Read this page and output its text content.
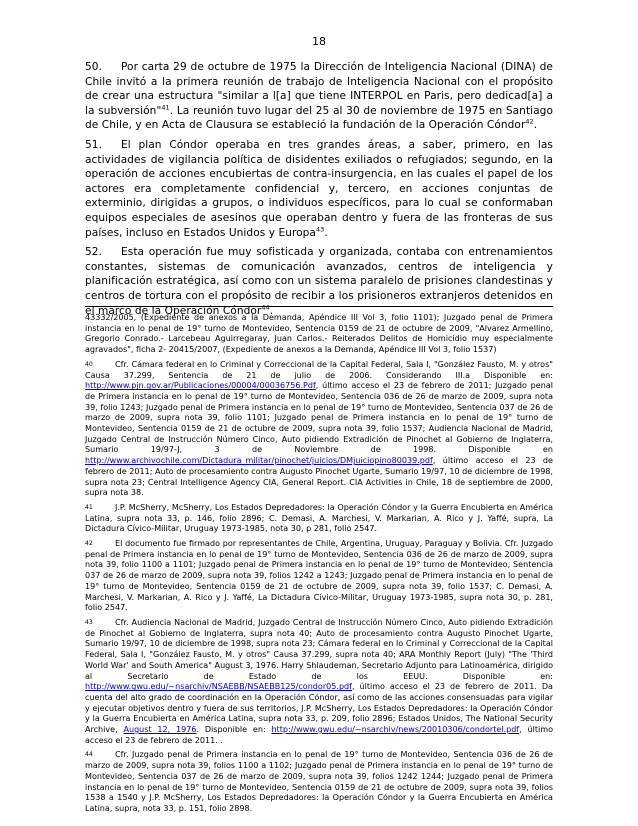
18

50. Por carta 29 de octubre de 1975 la Dirección de Inteligencia Nacional (DINA) de Chile invitó a la primera reunión de trabajo de Inteligencia Nacional con el propósito de crear una estructura "similar a l[a] que tiene INTERPOL en Paris, pero dedicad[a] a la subversión"$^{41}$. La reunión tuvo lugar del 25 al 30 de noviembre de 1975 en Santiago de Chile, y en Acta de Clausura se estableció la fundación de la Operación Cóndor$^{42}$.

51. El plan Cóndor operaba en tres grandes áreas, a saber, primero, en las actividades de vigilancia política de disidentes exiliados o refugiados; segundo, en la operación de acciones encubiertas de contra-insurgencia, en las cuales el papel de los actores era completamente confidencial y, tercero, en acciones conjuntas de exterminio, dirigidas a grupos, o individuos específicos, para lo cual se conformaban equipos especiales de asesinos que operaban dentro y fuera de las fronteras de sus países, incluso en Estados Unidos y Europa$^{43}$.

52. Esta operación fue muy sofisticada y organizada, contaba con entrenamientos constantes, sistemas de comunicación avanzados, centros de inteligencia y planificación estratégica, así como con un sistema paralelo de prisiones clandestinas y centros de tortura con el propósito de recibir a los prisioneros extranjeros detenidos en el marco de la Operación Cóndor$^{44}$.

43332/2005, (Expediente de anexos a la Demanda, Apéndice III Vol 3, folio 1101); Juzgado penal de Primera instancia en lo penal de 19° turno de Montevideo, Sentencia 0159 de 21 de octubre de 2009, "Alvarez Armellino, Gregorio Conrado.- Larcebeau Aguirregaray, Juan Carlos.- Reiterados Delitos de Homicidio muy especialmente agravados", ficha 2- 20415/2007, (Expediente de anexos a la Demanda, Apéndice III Vol 3, folio 1537)

40	Cfr. Cámara federal en lo Criminal y Correccional de la Capital Federal, Sala I, "González Fausto, M. y otros" Causa 37.299, Sentencia de 21 de julio de 2006. Considerando III.a Disponible en: http://www.pjn.gov.ar/Publicaciones/00004/00036756.Pdf, último acceso el 23 de febrero de 2011; Juzgado penal de Primera instancia en lo penal de 19° turno de Montevideo, Sentencia 036 de 26 de marzo de 2009, supra nota 39, folio 1243; Juzgado penal de Primera instancia en lo penal de 19° turno de Montevideo, Sentencia 037 de 26 de marzo de 2009, supra nota 39, folio 1101; Juzgado penal de Primera instancia en lo penal de 19° turno de Montevideo, Sentencia 0159 de 21 de octubre de 2009, supra nota 39, folio 1537; Audiencia Nacional de Madrid, Juzgado Central de Instrucción Número Cinco, Auto pidiendo Extradición de Pinochet al Gobierno de Inglaterra, Sumario 19/97-J, 3 de Noviembre de 1998. Disponible en http://www.archivochile.com/Dictadura_militar/pinochet/juicios/DMjuiciopino80039.pdf, último acceso el 23 de febrero de 2011; Auto de procesamiento contra Augusto Pinochet Ugarte, Sumario 19/97, 10 de diciembre de 1998, supra nota 23; Central Intelligence Agency CIA, General Report. CIA Activities in Chile, 18 de septiembre de 2000, supra nota 38.

41	J.P. McSherry, McSherry, Los Estados Depredadores: la Operación Cóndor y la Guerra Encubierta en América Latina, supra nota 33, p. 146, folio 2896; C. Demasi, A. Marchesi, V. Markarian, A. Rico y J. Yaffé, supra, La Dictadura Cívico-Militar, Uruguay 1973-1985, nota 30, p 281, folio 2547.

42	El documento fue firmado por representantes de Chile, Argentina, Uruguay, Paraguay y Bolivia. Cfr. Juzgado penal de Primera instancia en lo penal de 19° turno de Montevideo, Sentencia 036 de 26 de marzo de 2009, supra nota 39, folio 1100 a 1101; Juzgado penal de Primera instancia en lo penal de 19° turno de Montevideo, Sentencia 037 de 26 de marzo de 2009, supra nota 39, folios 1242 a 1243; Juzgado penal de Primera instancia en lo penal de 19° turno de Montevideo, Sentencia 0159 de 21 de octubre de 2009, supra nota 39, folio 1537; C. Demasi, A. Marchesi, V. Markarian, A. Rico y J. Yaffé, La Dictadura Cívico-Militar, Uruguay 1973-1985, supra nota 30, p. 281, folio 2547.

43	Cfr. Audiencia Nacional de Madrid, Juzgado Central de Instrucción Número Cinco, Auto pidiendo Extradición de Pinochet al Gobierno de Inglaterra, supra nota 40; Auto de procesamiento contra Augusto Pinochet Ugarte, Sumario 19/97, 10 de diciembre de 1998, supra nota 23; Cámara federal en lo Criminal y Correccional de la Capital Federal, Sala I, "González Fausto, M. y otros" Causa 37.299, supra nota 40; ARA Monthly Report (July) "The 'Third World War' and South America" August 3, 1976. Harry Shlaudeman, Secretario Adjunto para Latinoamérica, dirigido al Secretario de Estado de los EEUU. Disponible en: http://www.gwu.edu/~nsarchiv/NSAEBB/NSAEBB125/condor05.pdf, último acceso el 23 de febrero de 2011. Da cuenta del alto grado de coordinación en la Operación Cóndor, así como de las acciones consensuadas para vigilar y ejecutar objetivos dentro y fuera de sus territorios, J.P. McSherry, Los Estados Depredadores: la Operación Cóndor y la Guerra Encubierta en América Latina, supra nota 33, p. 209, folio 2896; Estados Unidos, The National Security Archive, August 12, 1976. Disponible en: http://www.gwu.edu/~nsarchiv/news/20010306/condortel.pdf, último acceso el 23 de febrero de 2011. .

44	Cfr. Juzgado penal de Primera instancia en lo penal de 19° turno de Montevideo, Sentencia 036 de 26 de marzo de 2009, supra nota 39, folios 1100 a 1102; Juzgado penal de Primera instancia en lo penal de 19° turno de Montevideo, Sentencia 037 de 26 de marzo de 2009, supra nota 39, folios 1242 1244; Juzgado penal de Primera instancia en lo penal de 19° turno de Montevideo, Sentencia 0159 de 21 de octubre de 2009, supra nota 39, folios 1538 a 1540 y J.P. McSherry, Los Estados Depredadores: la Operación Cóndor y la Guerra Encubierta en América Latina, supra, nota 33, p. 151, folio 2898.
